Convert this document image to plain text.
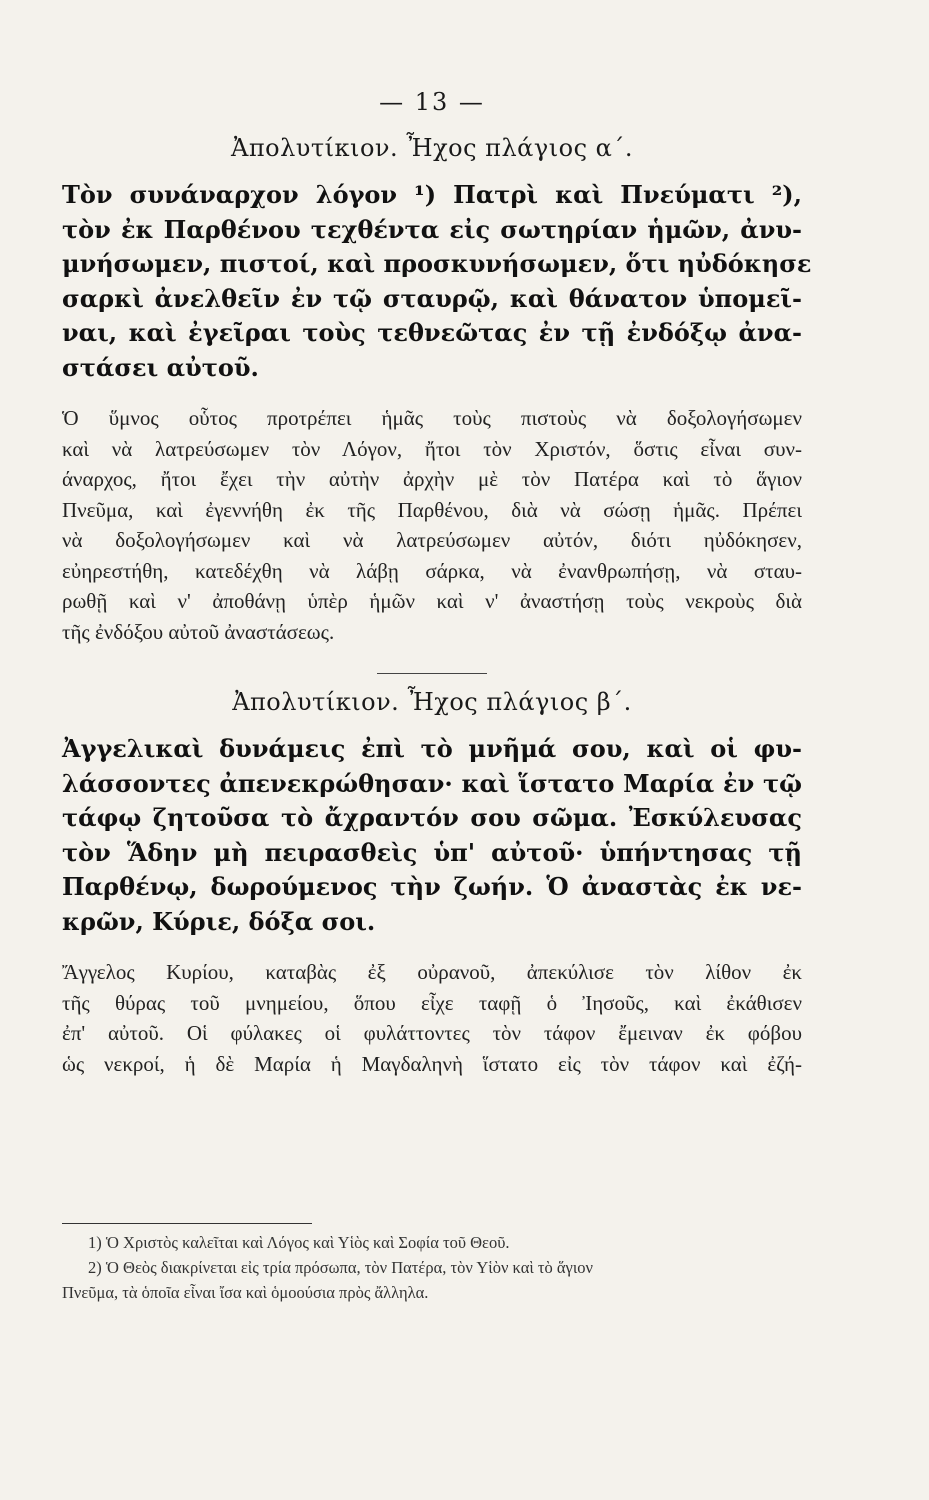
— 13 —
Ἀπολυτίκιον. Ἦχος πλάγιος α΄.
Τὸν συνάναρχον λόγον ¹) Πατρὶ καὶ Πνεύματι ²),
τὸν ἐκ Παρθένου τεχθέντα εἰς σωτηρίαν ἡμῶν, ἀνυ-
μνήσωμεν, πιστοί, καὶ προσκυνήσωμεν, ὅτι ηὐδόκησε
σαρκὶ ἀνελθεῖν ἐν τῷ σταυρῷ, καὶ θάνατον ὑπομεῖ-
ναι, καὶ ἐγεῖραι τοὺς τεθνεῶτας ἐν τῇ ἐνδόξῳ ἀνα-
στάσει αὐτοῦ.
Ὁ ὕμνος οὗτος προτρέπει ἡμᾶς τοὺς πιστοὺς νὰ δοξολογήσωμεν
καὶ νὰ λατρεύσωμεν τὸν Λόγον, ἤτοι τὸν Χριστόν, ὅστις εἶναι συν-
άναρχος, ἤτοι ἔχει τὴν αὐτὴν ἀρχὴν μὲ τὸν Πατέρα καὶ τὸ ἅγιον
Πνεῦμα, καὶ ἐγεννήθη ἐκ τῆς Παρθένου, διὰ νὰ σώσῃ ἡμᾶς. Πρέπει
νὰ δοξολογήσωμεν καὶ νὰ λατρεύσωμεν αὐτόν, διότι ηὐδόκησεν,
εὐηρεστήθη, κατεδέχθη νὰ λάβῃ σάρκα, νὰ ἐνανθρωπήσῃ, νὰ σταυ-
ρωθῇ καὶ ν' ἀποθάνῃ ὑπὲρ ἡμῶν καὶ ν' ἀναστήσῃ τοὺς νεκροὺς διὰ
τῆς ἐνδόξου αὐτοῦ ἀναστάσεως.
Ἀπολυτίκιον. Ἦχος πλάγιος β΄.
Ἀγγελικαὶ δυνάμεις ἐπὶ τὸ μνῆμά σου, καὶ οἱ φυ-
λάσσοντες ἀπενεκρώθησαν· καὶ ἵστατο Μαρία ἐν τῷ
τάφῳ ζητοῦσα τὸ ἄχραντόν σου σῶμα. Ἐσκύλευσας
τὸν Ἅδην μὴ πειρασθεὶς ὑπ' αὐτοῦ· ὑπήντησας τῇ
Παρθένῳ, δωρούμενος τὴν ζωήν. Ὁ ἀναστὰς ἐκ νε-
κρῶν, Κύριε, δόξα σοι.
Ἄγγελος Κυρίου, καταβὰς ἐξ οὐρανοῦ, ἀπεκύλισε τὸν λίθον ἐκ
τῆς θύρας τοῦ μνημείου, ὅπου εἶχε ταφῇ ὁ Ἰησοῦς, καὶ ἐκάθισεν
ἐπ' αὐτοῦ. Οἱ φύλακες οἱ φυλάττοντες τὸν τάφον ἔμειναν ἐκ φόβου
ὡς νεκροί, ἡ δὲ Μαρία ἡ Μαγδαληνὴ ἵστατο εἰς τὸν τάφον καὶ ἐζή-
1) Ὁ Χριστὸς καλεῖται καὶ Λόγος καὶ Υἱὸς καὶ Σοφία τοῦ Θεοῦ.
2) Ὁ Θεὸς διακρίνεται εἰς τρία πρόσωπα, τὸν Πατέρα, τὸν Υἱὸν καὶ τὸ ἅγιον
Πνεῦμα, τὰ ὁποῖα εἶναι ἴσα καὶ ὁμοούσια πρὸς ἄλληλα.
